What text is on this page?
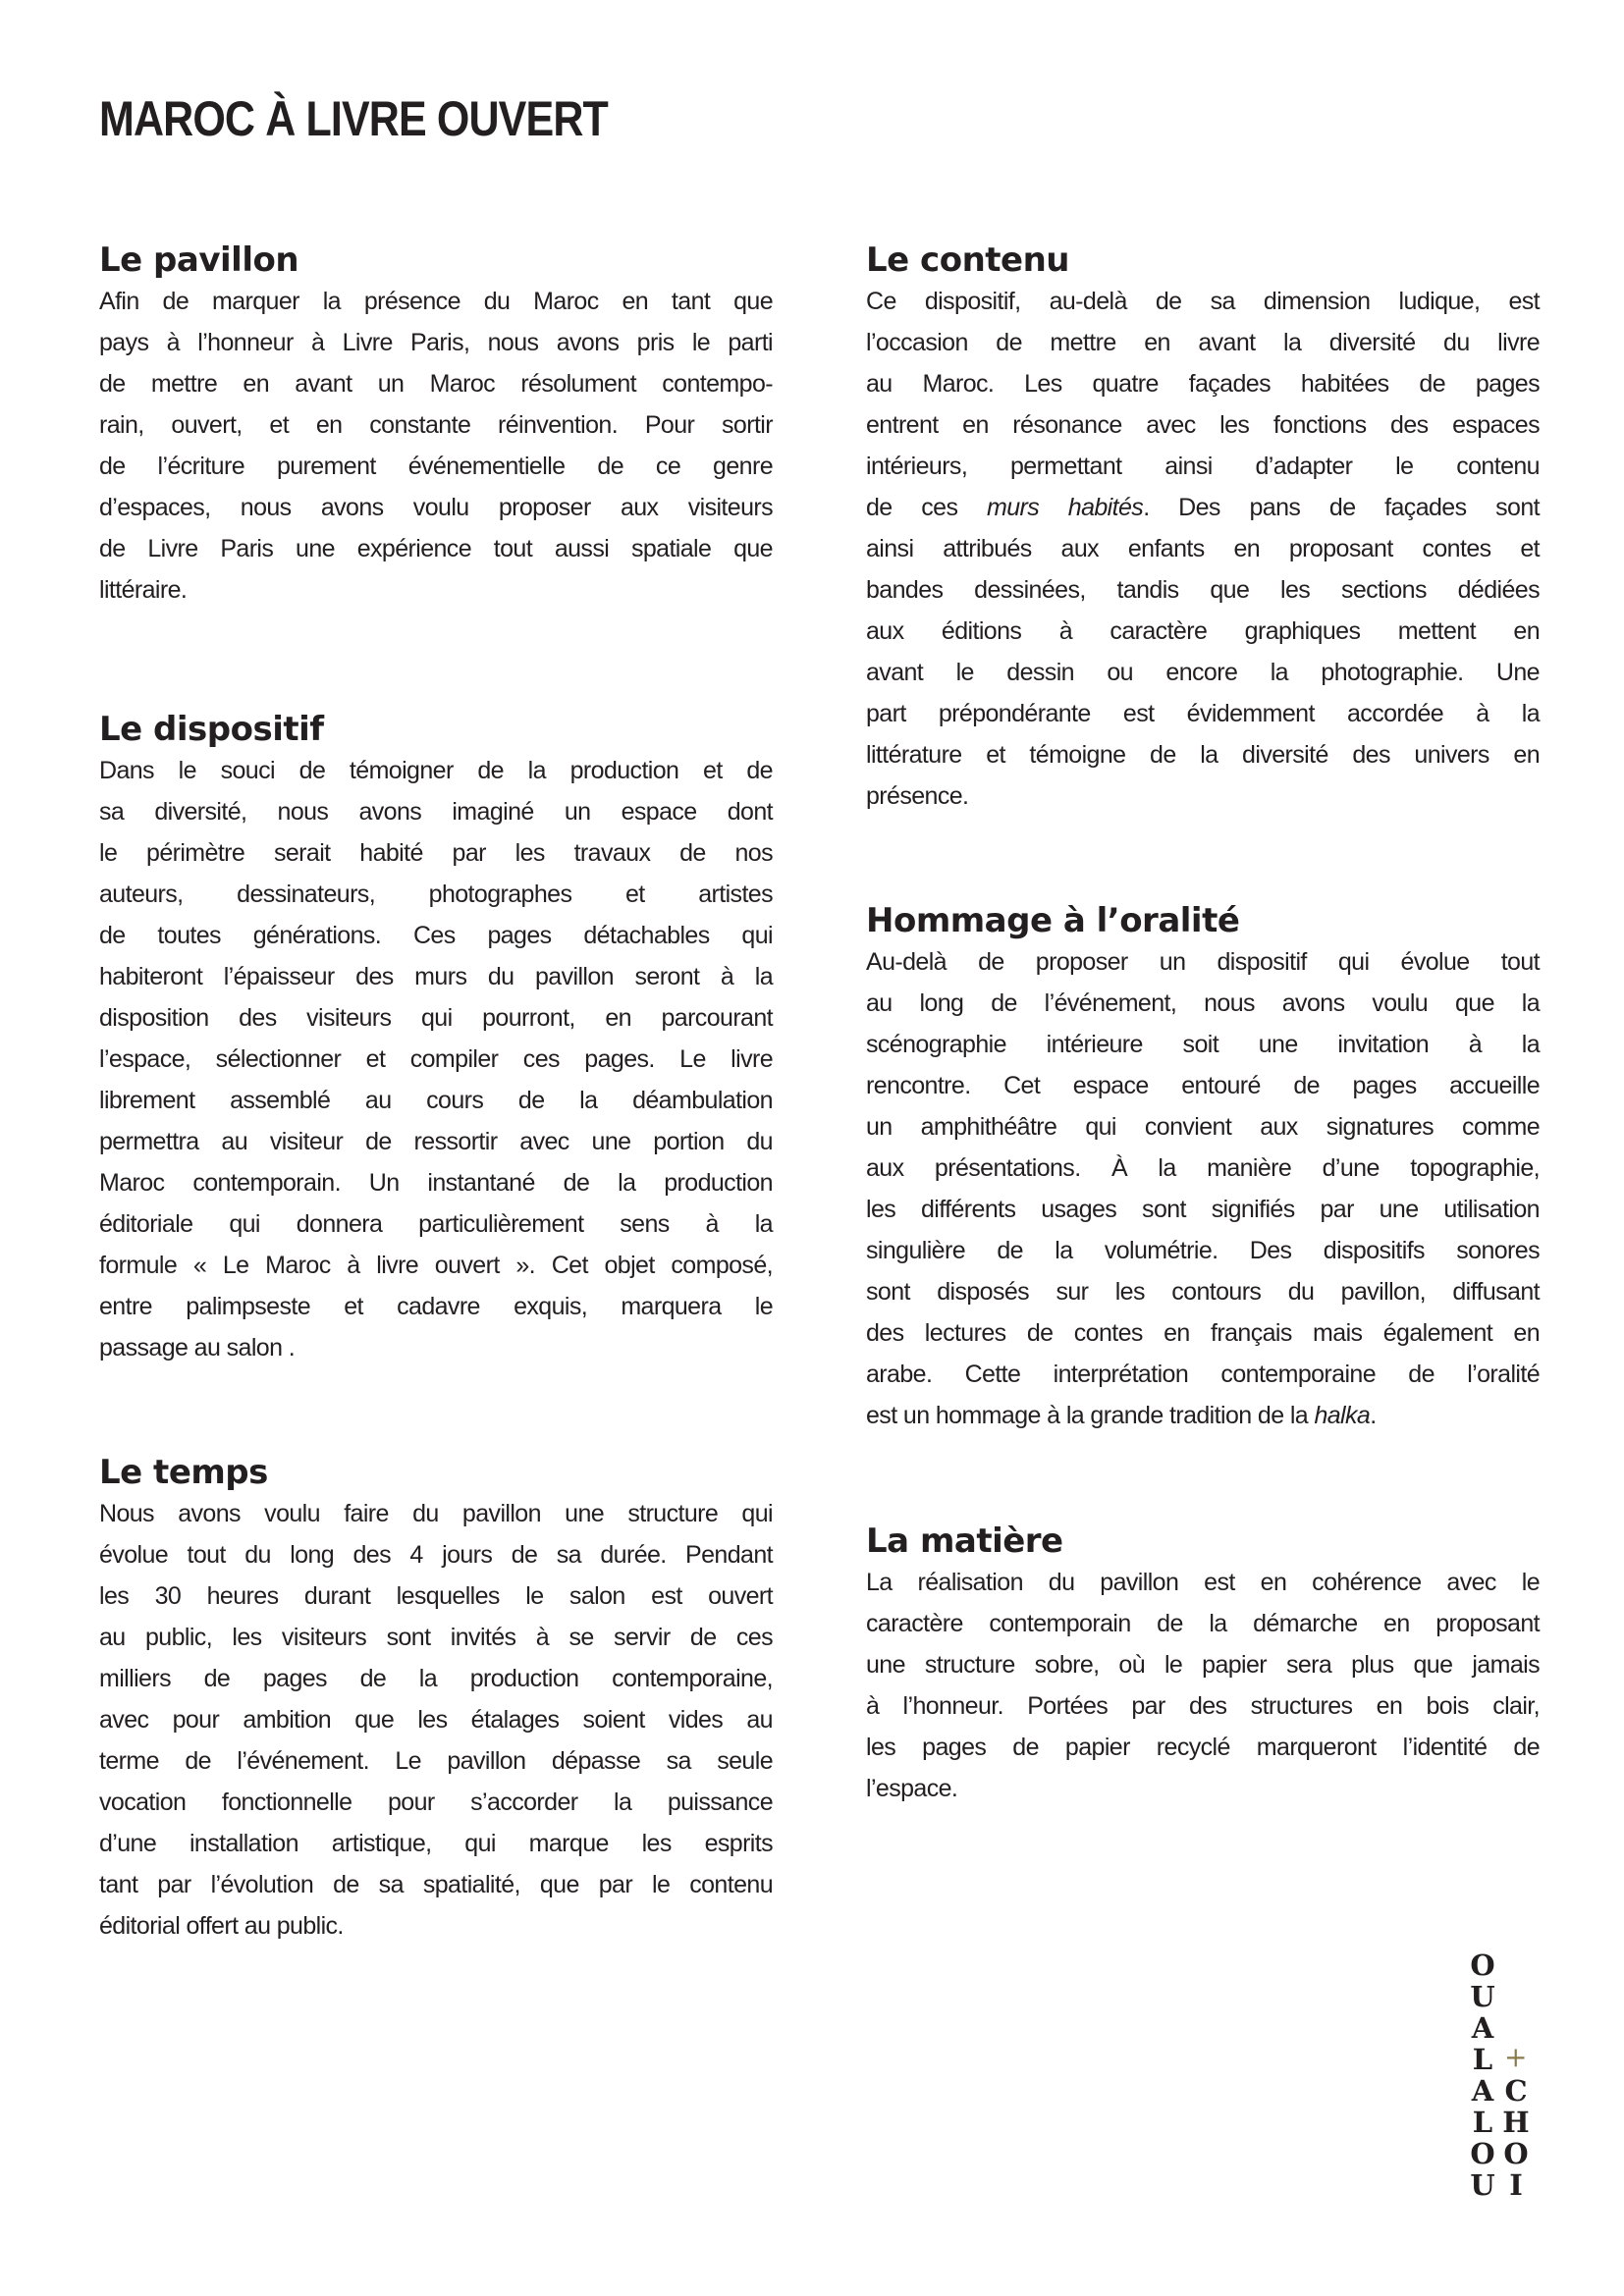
MAROC À LIVRE OUVERT
Le pavillon
Afin de marquer la présence du Maroc en tant que
pays à l’honneur à Livre Paris, nous avons pris le parti
de mettre en avant un Maroc résolument contempo-
rain, ouvert, et en constante réinvention. Pour sortir
de l’écriture purement événementielle de ce genre
d’espaces, nous avons voulu proposer aux visiteurs
de Livre Paris une expérience tout aussi spatiale que
littéraire.
Le dispositif
Dans le souci de témoigner de la production et de
sa diversité, nous avons imaginé un espace dont
le périmètre serait habité par les travaux de nos
auteurs, dessinateurs, photographes et artistes
de toutes générations. Ces pages détachables qui
habiteront l’épaisseur des murs du pavillon seront à la
disposition des visiteurs qui pourront, en parcourant
l’espace, sélectionner et compiler ces pages. Le livre
librement assemblé au cours de la déambulation
permettra au visiteur de ressortir avec une portion du
Maroc contemporain. Un instantané de la production
éditoriale qui donnera particulièrement sens à la
formule « Le Maroc à livre ouvert ». Cet objet composé,
entre palimpseste et cadavre exquis, marquera le
passage au salon .
Le temps
Nous avons voulu faire du pavillon une structure qui
évolue tout du long des 4 jours de sa durée. Pendant
les 30 heures durant lesquelles le salon est ouvert
au public, les visiteurs sont invités à se servir de ces
milliers de pages de la production contemporaine,
avec pour ambition que les étalages soient vides au
terme de l’événement. Le pavillon dépasse sa seule
vocation fonctionnelle pour s’accorder la puissance
d’une installation artistique, qui marque les esprits
tant par l’évolution de sa spatialité, que par le contenu
éditorial offert au public.
Le contenu
Ce dispositif, au-delà de sa dimension ludique, est
l’occasion de mettre en avant la diversité du livre
au Maroc. Les quatre façades habitées de pages
entrent en résonance avec les fonctions des espaces
intérieurs, permettant ainsi d’adapter le contenu
de ces murs habités. Des pans de façades sont
ainsi attribués aux enfants en proposant contes et
bandes dessinées, tandis que les sections dédiées
aux éditions à caractère graphiques mettent en
avant le dessin ou encore la photographie. Une
part prépondérante est évidemment accordée à la
littérature et témoigne de la diversité des univers en
présence.
Hommage à l’oralité
Au-delà de proposer un dispositif qui évolue tout
au long de l’événement, nous avons voulu que la
scénographie intérieure soit une invitation à la
rencontre. Cet espace entouré de pages accueille
un amphithéâtre qui convient aux signatures comme
aux présentations. À la manière d’une topographie,
les différents usages sont signifiés par une utilisation
singulière de la volumétrie. Des dispositifs sonores
sont disposés sur les contours du pavillon, diffusant
des lectures de contes en français mais également en
arabe. Cette interprétation contemporaine de l’oralité
est un hommage à la grande tradition de la halka.
La matière
La réalisation du pavillon est en cohérence avec le
caractère contemporain de la démarche en proposant
une structure sobre, où le papier sera plus que jamais
à l’honneur. Portées par des structures en bois clair,
les pages de papier recyclé marqueront l’identité de
l’espace.
O
U
A
L
A
L
O
U
C
H
O
I
+
